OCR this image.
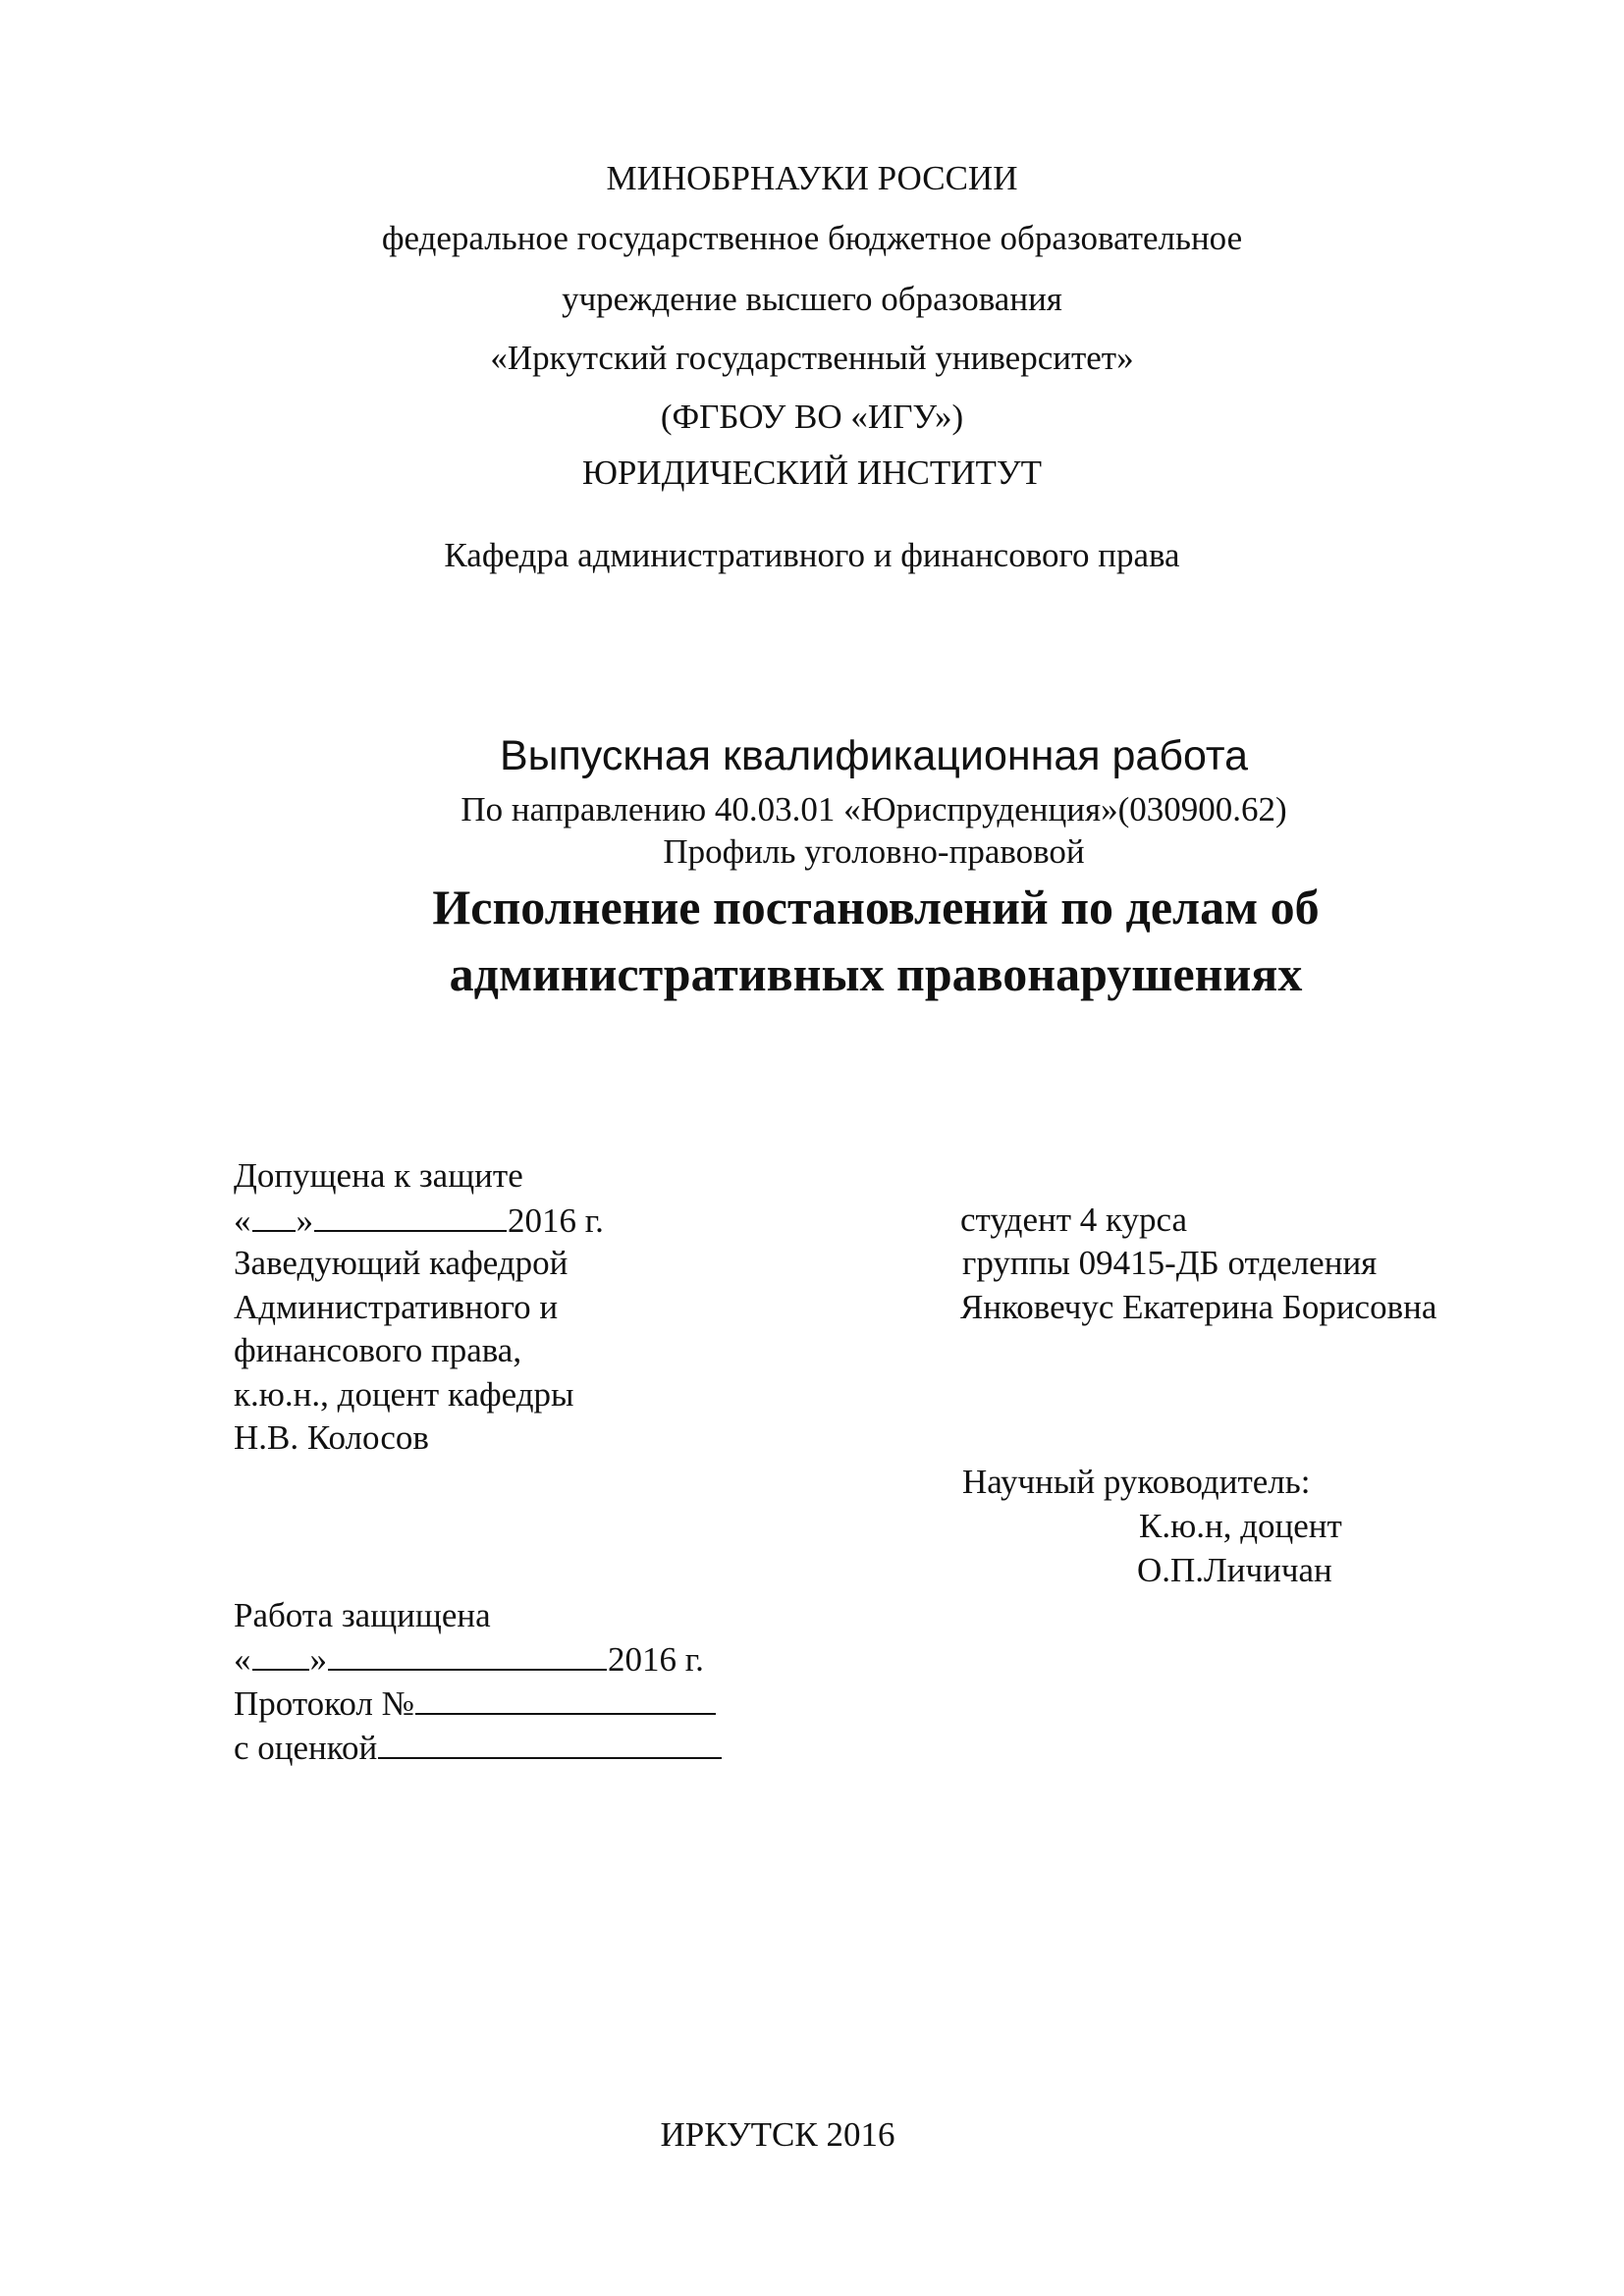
МИНОБРНАУКИ РОССИИ
федеральное государственное бюджетное образовательное
учреждение высшего образования
«Иркутский государственный университет»
(ФГБОУ ВО «ИГУ»)
ЮРИДИЧЕСКИЙ ИНСТИТУТ
Кафедра административного и финансового права
Выпускная квалификационная работа
По направлению 40.03.01 «Юриспруденция»(030900.62)
Профиль уголовно-правовой
Исполнение постановлений по делам об
административных правонарушениях
Допущена к защите
« »	2016 г.
Заведующий кафедрой
Административного и
финансового права,
к.ю.н., доцент кафедры
Н.В. Колосов
студент 4 курса
группы 09415-ДБ отделения
Янковечус Екатерина Борисовна
Научный руководитель:
К.ю.н, доцент
О.П.Личичан
Работа защищена
« »	2016 г.
Протокол №
с оценкой
ИРКУТСК 2016
